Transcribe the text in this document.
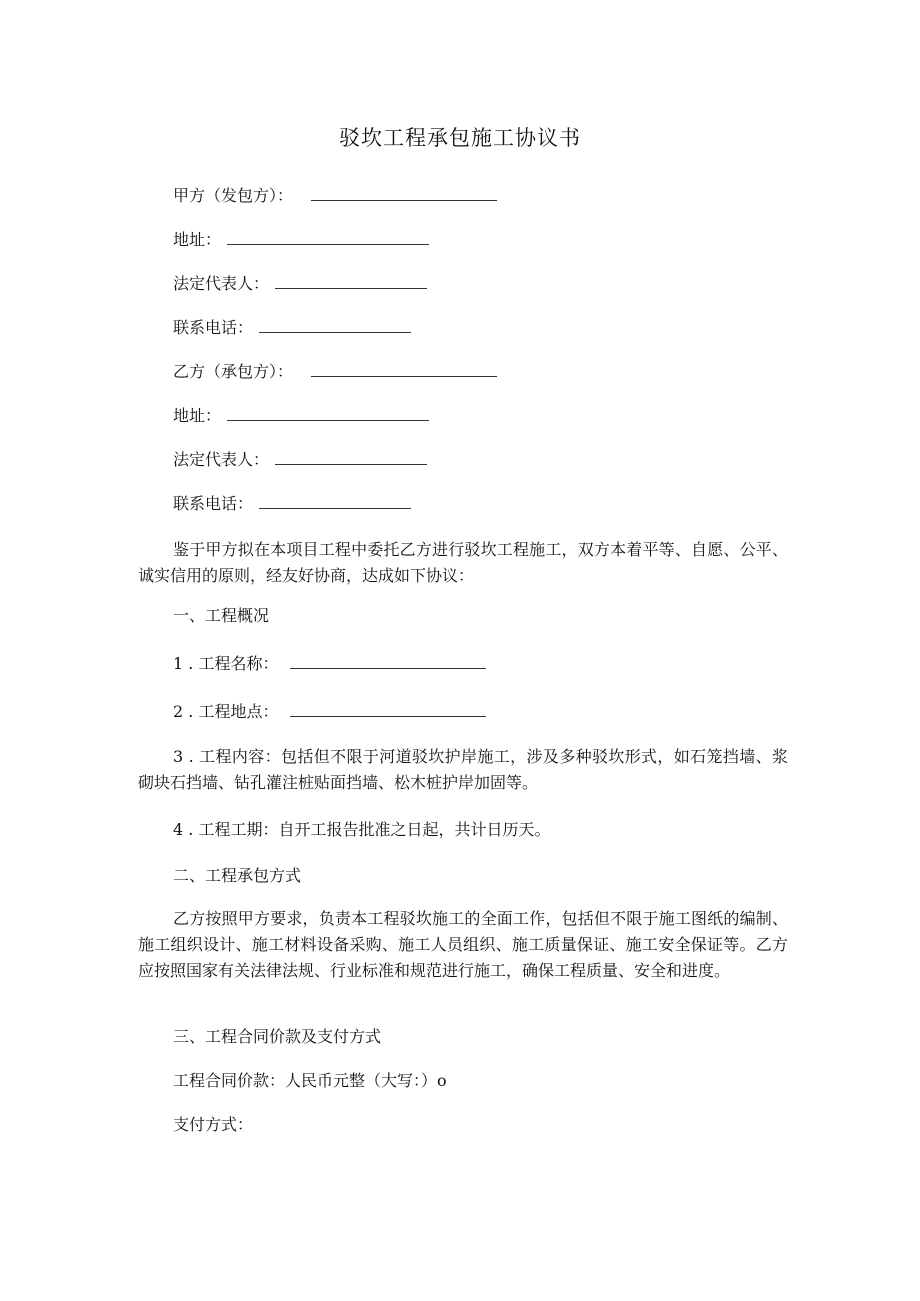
驳坎工程承包施工协议书
甲方（发包方）：
地址：
法定代表人：
联系电话：
乙方（承包方）：
地址：
法定代表人：
联系电话：
鉴于甲方拟在本项目工程中委托乙方进行驳坎工程施工，双方本着平等、自愿、公平、诚实信用的原则，经友好协商，达成如下协议：
一、工程概况
1 . 工程名称：
2 . 工程地点：
3 . 工程内容：包括但不限于河道驳坎护岸施工，涉及多种驳坎形式，如石笼挡墙、浆砌块石挡墙、钻孔灌注桩贴面挡墙、松木桩护岸加固等。
4 . 工程工期：自开工报告批准之日起，共计日历天。
二、工程承包方式
乙方按照甲方要求，负责本工程驳坎施工的全面工作，包括但不限于施工图纸的编制、施工组织设计、施工材料设备采购、施工人员组织、施工质量保证、施工安全保证等。乙方应按照国家有关法律法规、行业标准和规范进行施工，确保工程质量、安全和进度。
三、工程合同价款及支付方式
工程合同价款：人民币元整（大写：）o
支付方式：
